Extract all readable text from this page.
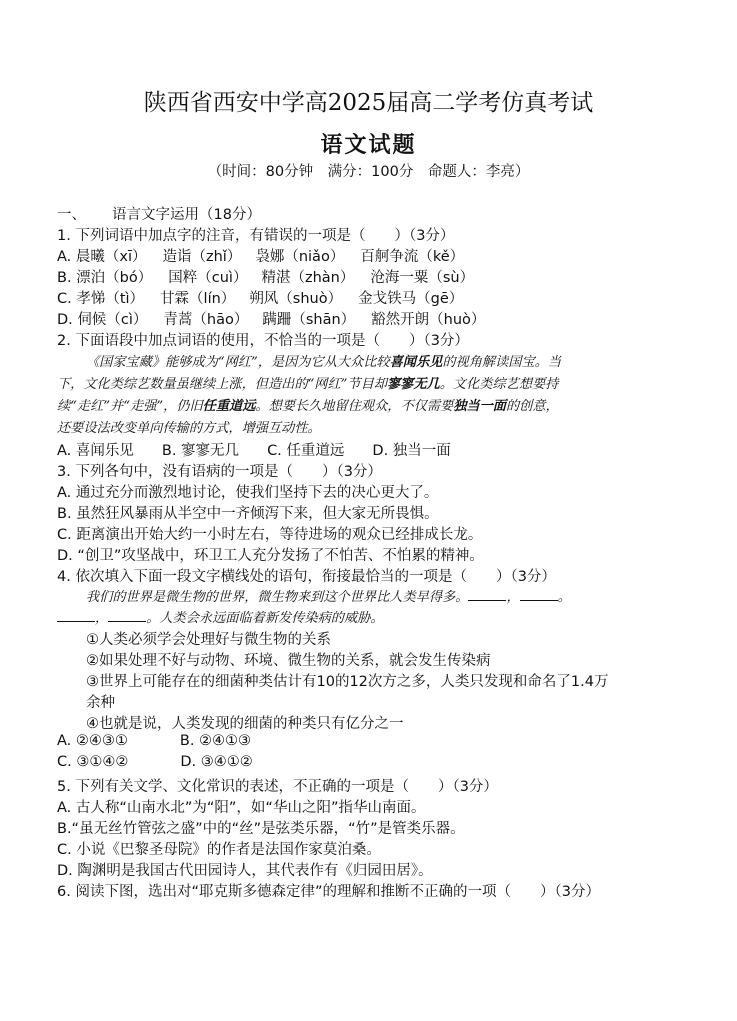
陕西省西安中学高2025届高二学考仿真考试
语文试题
（时间：80分钟　满分：100分　命题人：李亮）
一、 语言文字运用（18分）
1. 下列词语中加点字的注音，有错误的一项是（　　）（3分）
A. 晨曦（xī） 造诣（zhǐ） 袅娜（niǎo） 百舸争流（kě）
B. 漂泊（bó） 国粹（cuì） 精湛（zhàn） 沧海一粟（sù）
C. 孝悌（tì） 甘霖（lín） 朔风（shuò） 金戈铁马（gē）
D. 伺候（cì） 青蒿（hāo） 蹒跚（shān） 豁然开朗（huò）
2. 下面语段中加点词语的使用，不恰当的一项是（　　）（3分）
《国家宝藏》能够成为“网红”，是因为它从大众比较喜闻乐见的视角解读国宝。当
下，文化类综艺数量虽继续上涨，但造出的“网红”节目却寥寥无几。文化类综艺想要持
续“走红”并“走强”，仍旧任重道远。想要长久地留住观众，不仅需要独当一面的创意，
还要设法改变单向传输的方式，增强互动性。
A. 喜闻乐见 B. 寥寥无几 C. 任重道远 D. 独当一面
3. 下列各句中，没有语病的一项是（　　）（3分）
A. 通过充分而激烈地讨论，使我们坚持下去的决心更大了。
B. 虽然狂风暴雨从半空中一齐倾泻下来，但大家无所畏惧。
C. 距离演出开始大约一小时左右，等待进场的观众已经排成长龙。
D. “创卫”攻坚战中，环卫工人充分发扬了不怕苦、不怕累的精神。
4. 依次填入下面一段文字横线处的语句，衔接最恰当的一项是（　　）（3分）
我们的世界是微生物的世界，微生物来到这个世界比人类早得多。	，	。
，	。人类会永远面临着新发传染病的威胁。
①人类必须学会处理好与微生物的关系
②如果处理不好与动物、环境、微生物的关系，就会发生传染病
③世界上可能存在的细菌种类估计有10的12次方之多，人类只发现和命名了1.4万
余种
④也就是说，人类发现的细菌的种类只有亿分之一
A. ②④③①	B. ②④①③
C. ③①④②	D. ③④①②
5. 下列有关文学、文化常识的表述，不正确的一项是（　　）（3分）
A. 古人称“山南水北”为“阳”，如“华山之阳”指华山南面。
B.“虽无丝竹管弦之盛”中的“丝”是弦类乐器，“竹”是管类乐器。
C. 小说《巴黎圣母院》的作者是法国作家莫泊桑。
D. 陶渊明是我国古代田园诗人，其代表作有《归园田居》。
6. 阅读下图，选出对“耶克斯多德森定律”的理解和推断不正确的一项（　　）（3分）
